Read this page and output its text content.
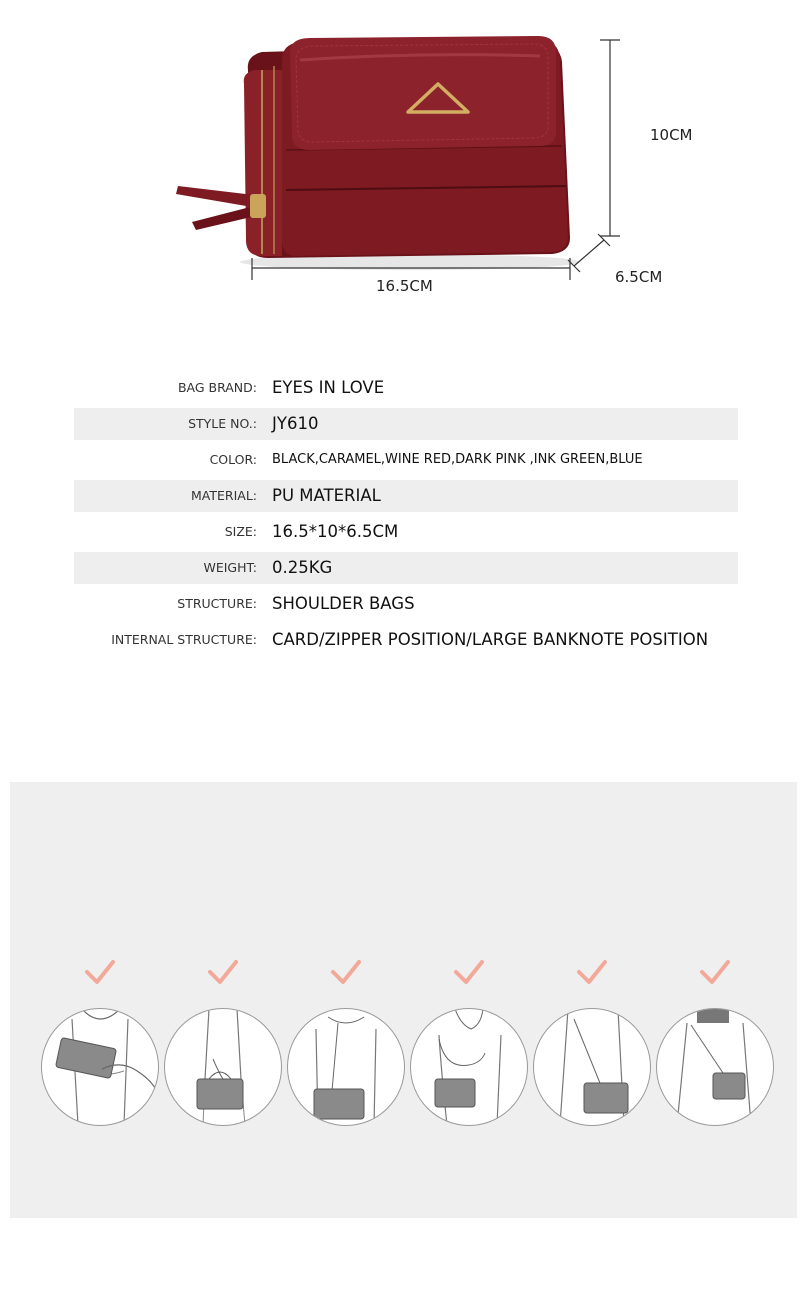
10CM
16.5CM	6.5CM
BAG BRAND: EYES IN LOVE
STYLE NO.: JY610
COLOR: BLACK,CARAMEL,WINE RED,DARK PINK ,INK GREEN,BLUE
MATERIAL: PU MATERIAL
SIZE: 16.5*10*6.5CM
WEIGHT: 0.25KG
STRUCTURE: SHOULDER BAGS
INTERNAL STRUCTURE: CARD/ZIPPER POSITION/LARGE BANKNOTE POSITION
